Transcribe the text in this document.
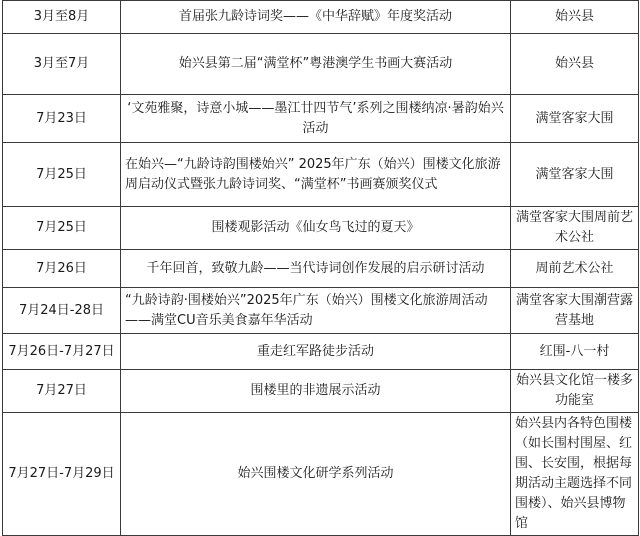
3月至8月	首届张九龄诗词奖——《中华辞赋》年度奖活动	始兴县
3月至7月	始兴县第二届“满堂杯”粤港澳学生书画大赛活动	始兴县
7月23日	‘文苑雅聚，诗意小城——墨江廿四节气’系列之围楼纳凉·暑韵始兴活动	满堂客家大围
7月25日	在始兴—“九龄诗韵围楼始兴” 2025年广东（始兴）围楼文化旅游周启动仪式暨张九龄诗词奖、“满堂杯”书画赛颁奖仪式	满堂客家大围
7月25日	围楼观影活动《仙女鸟飞过的夏天》	满堂客家大围周前艺术公社
7月26日	千年回首，致敬九龄——当代诗词创作发展的启示研讨活动	周前艺术公社
7月24日-28日	“九龄诗韵·围楼始兴”2025年广东（始兴）围楼文化旅游周活动——满堂CU音乐美食嘉年华活动	满堂客家大围潮营露营基地
7月26日-7月27日	重走红军路徒步活动	红围-八一村
7月27日	围楼里的非遗展示活动	始兴县文化馆一楼多功能室
7月27日-7月29日	始兴围楼文化研学系列活动	始兴县内各特色围楼（如长围村围屋、红围、长安围，根据每期活动主题选择不同围楼）、始兴县博物馆
